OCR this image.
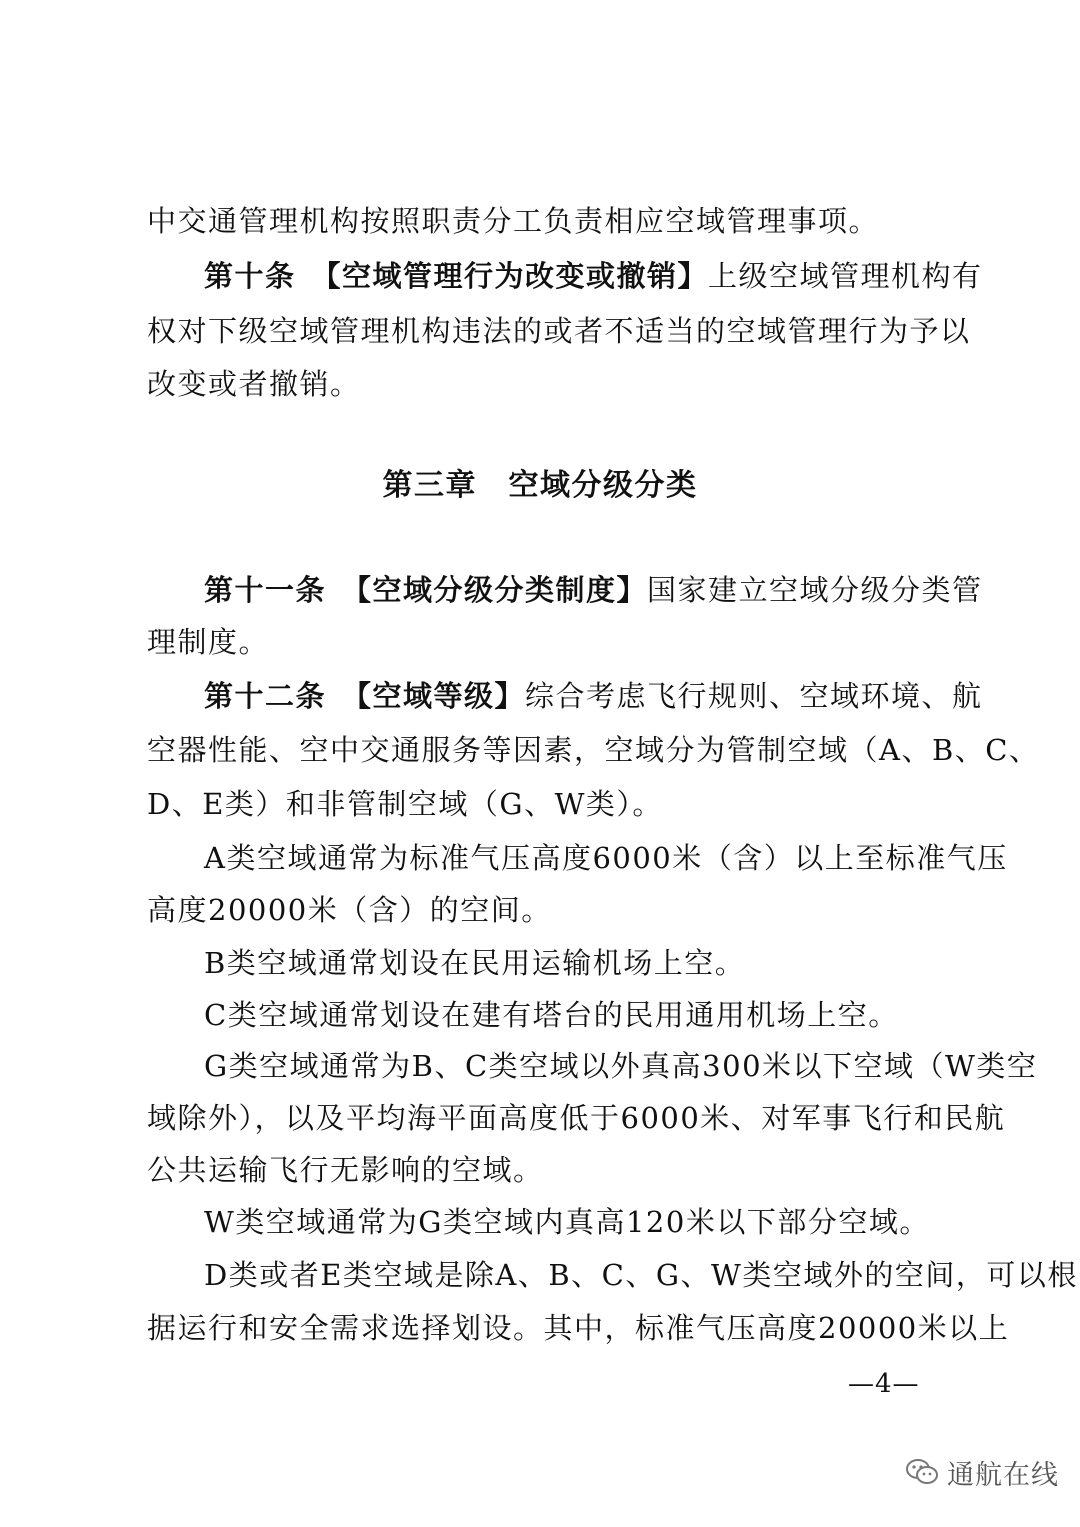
中交通管理机构按照职责分工负责相应空域管理事项。
第十条　【空域管理行为改变或撤销】上级空域管理机构有
权对下级空域管理机构违法的或者不适当的空域管理行为予以
改变或者撤销。
第三章　空域分级分类
第十一条　【空域分级分类制度】国家建立空域分级分类管
理制度。
第十二条　【空域等级】综合考虑飞行规则、空域环境、航
空器性能、空中交通服务等因素，空域分为管制空域（A、B、C、
D、E类）和非管制空域（G、W类）。
A类空域通常为标准气压高度6000米（含）以上至标准气压
高度20000米（含）的空间。
B类空域通常划设在民用运输机场上空。
C类空域通常划设在建有塔台的民用通用机场上空。
G类空域通常为B、C类空域以外真高300米以下空域（W类空
域除外），以及平均海平面高度低于6000米、对军事飞行和民航
公共运输飞行无影响的空域。
W类空域通常为G类空域内真高120米以下部分空域。
D类或者E类空域是除A、B、C、G、W类空域外的空间，可以根
据运行和安全需求选择划设。其中，标准气压高度20000米以上
—4—
通航在线
